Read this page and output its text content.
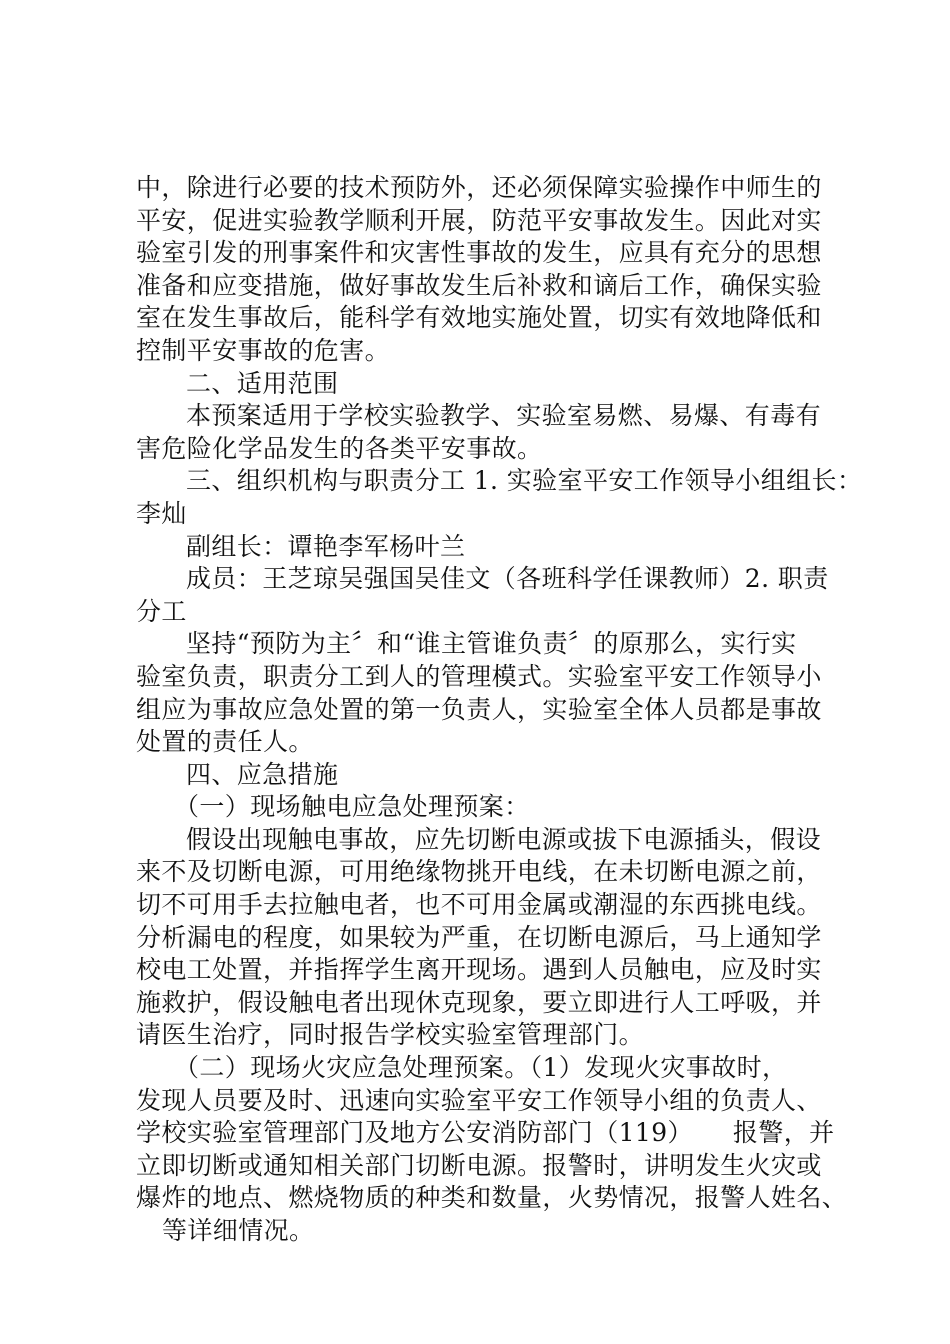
中，除进行必要的技术预防外，还必须保障实验操作中师生的
平安，促进实验教学顺利开展，防范平安事故发生。因此对实
验室引发的刑事案件和灾害性事故的发生，应具有充分的思想
准备和应变措施，做好事故发生后补救和谪后工作，确保实验
室在发生事故后，能科学有效地实施处置，切实有效地降低和
控制平安事故的危害。
二、适用范围
本预案适用于学校实验教学、实验室易燃、易爆、有毒有
害危险化学品发生的各类平安事故。
三、组织机构与职责分工 1. 实验室平安工作领导小组组长：
李灿
副组长：谭艳李军杨叶兰
成员：王芝琼吴强国吴佳文（各班科学任课教师）2. 职责
分工
坚持“预防为主〞和“谁主管谁负责〞的原那么，实行实
验室负责，职责分工到人的管理模式。实验室平安工作领导小
组应为事故应急处置的第一负责人，实验室全体人员都是事故
处置的责任人。
四、应急措施
（一）现场触电应急处理预案：
假设出现触电事故，应先切断电源或拔下电源插头，假设
来不及切断电源，可用绝缘物挑开电线，在未切断电源之前，
切不可用手去拉触电者，也不可用金属或潮湿的东西挑电线。
分析漏电的程度，如果较为严重，在切断电源后，马上通知学
校电工处置，并指挥学生离开现场。遇到人员触电，应及时实
施救护，假设触电者出现休克现象，要立即进行人工呼吸，并
请医生治疗，同时报告学校实验室管理部门。
（二）现场火灾应急处理预案。（1）发现火灾事故时，
发现人员要及时、迅速向实验室平安工作领导小组的负责人、
学校实验室管理部门及地方公安消防部门（119） 报警，并
立即切断或通知相关部门切断电源。报警时，讲明发生火灾或
爆炸的地点、燃烧物质的种类和数量，火势情况，报警人姓名、
等详细情况。
